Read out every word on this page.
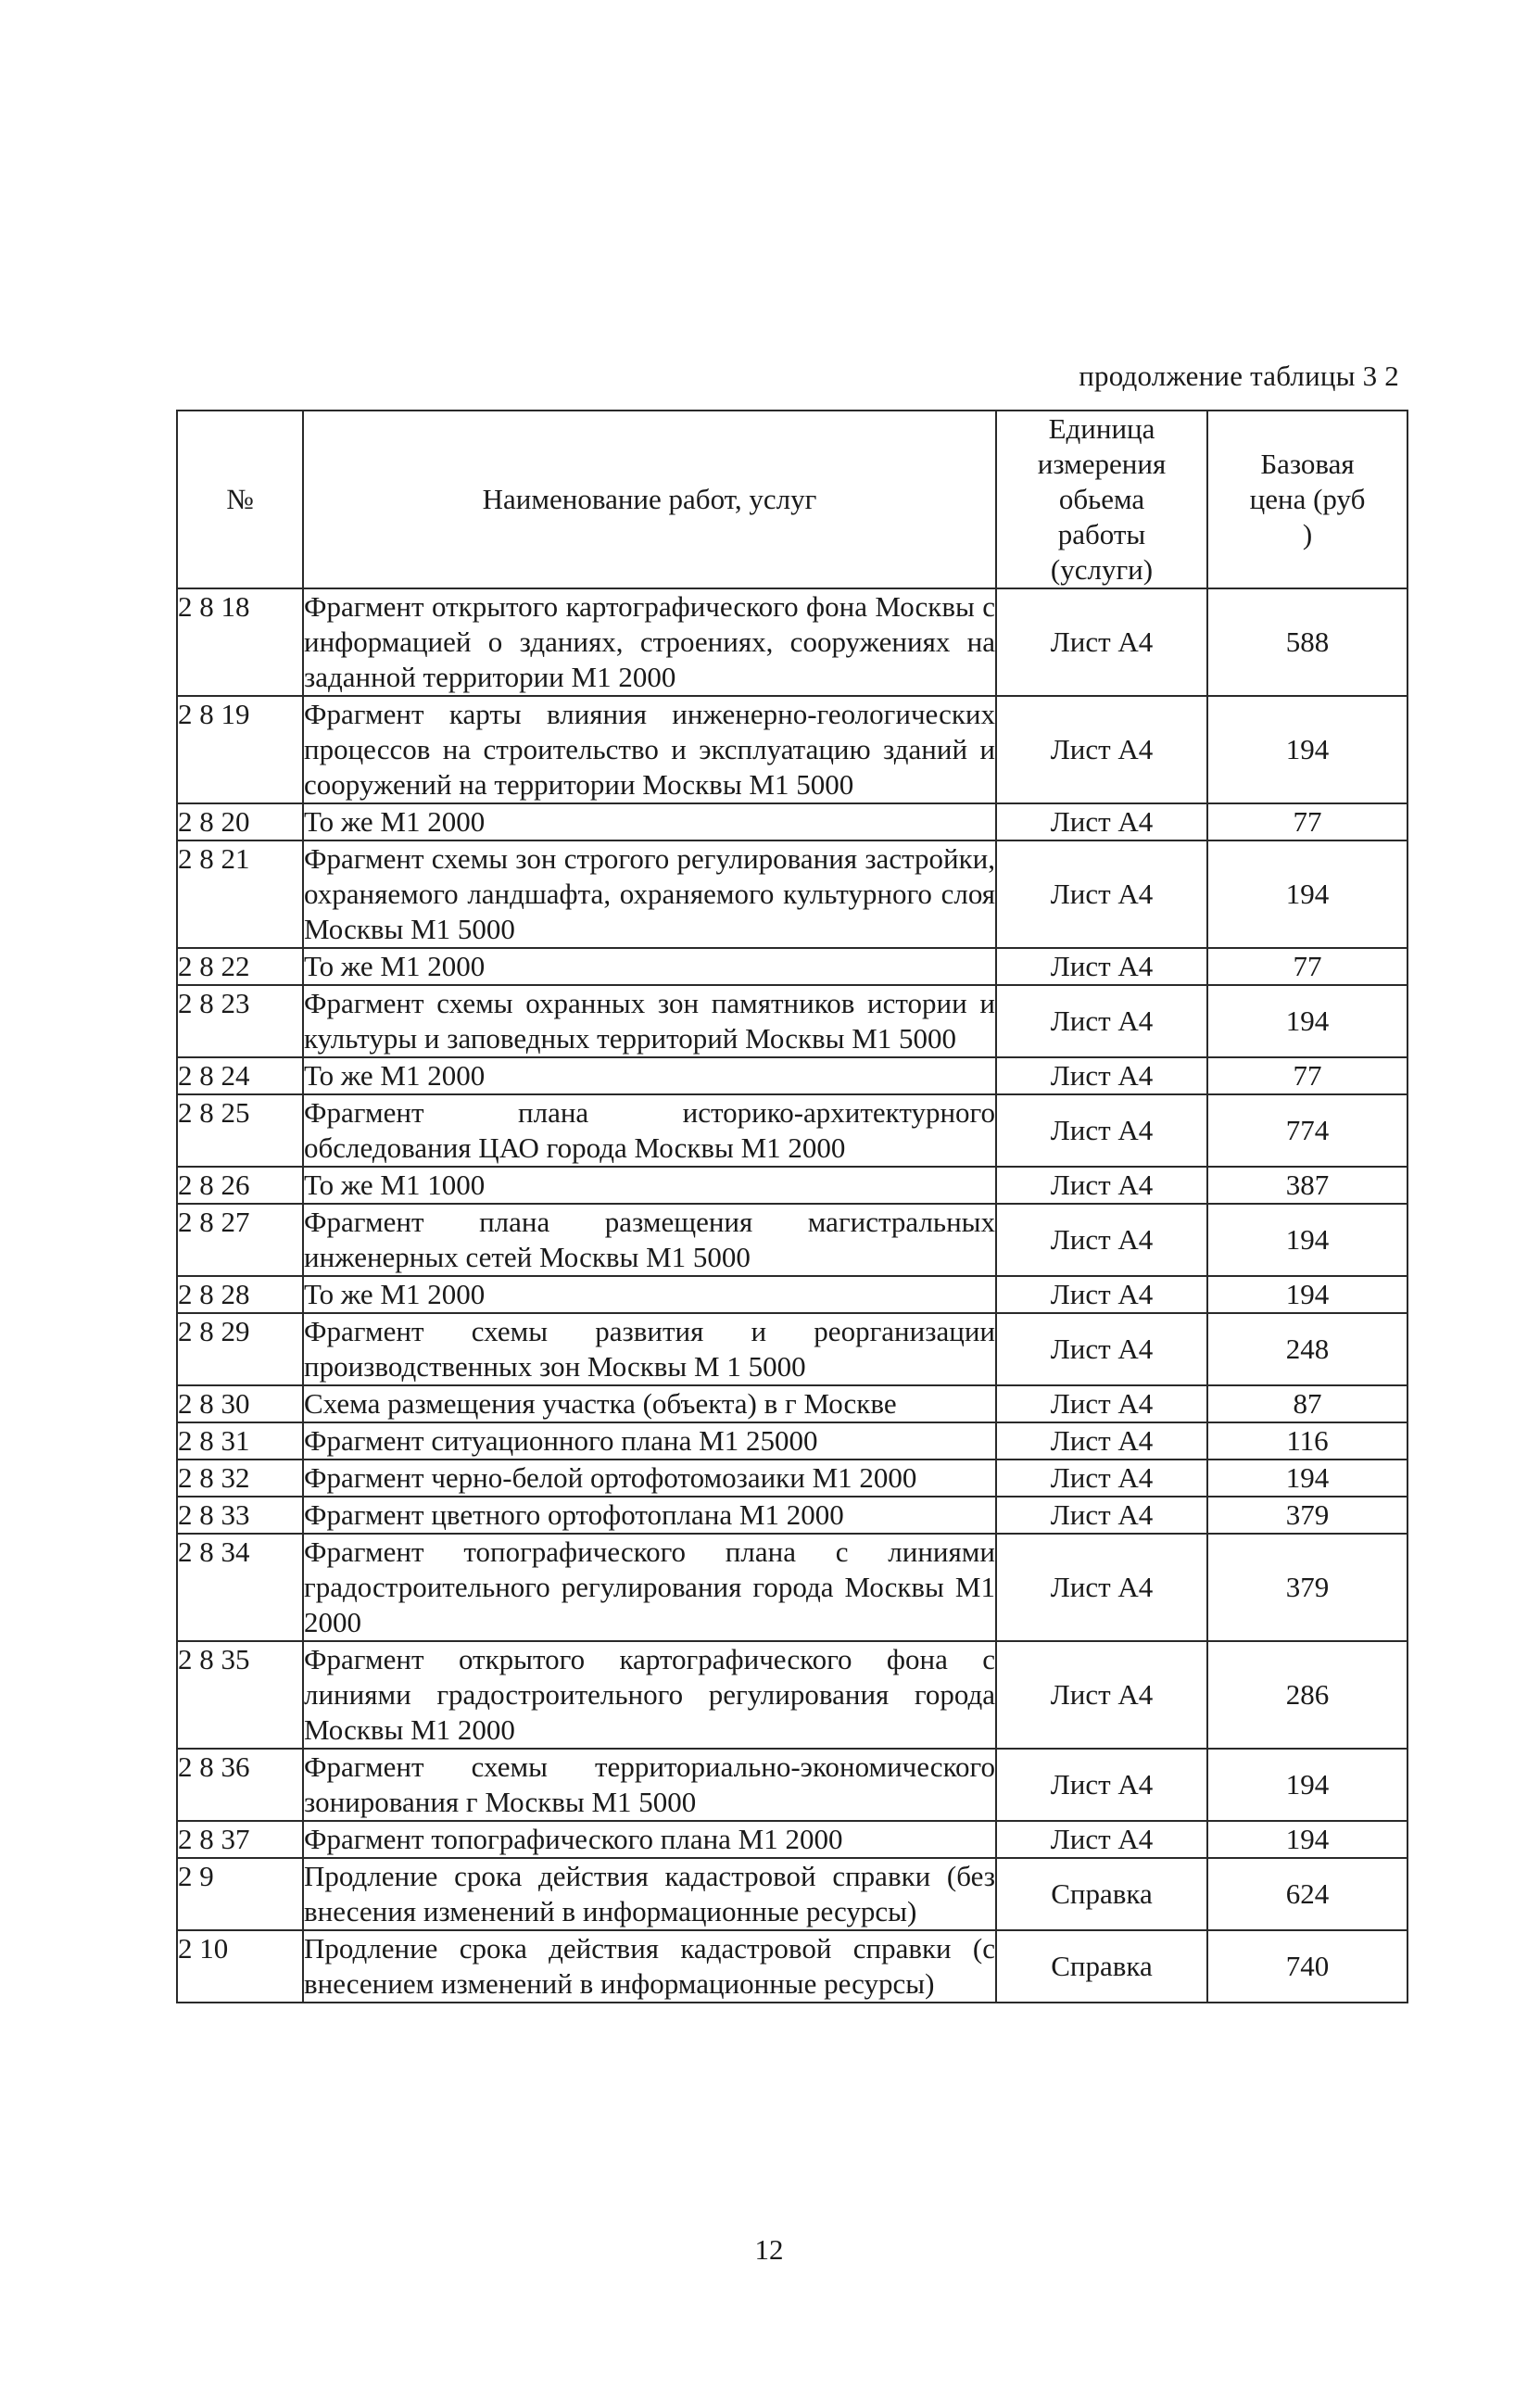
продолжение таблицы 3 2
№	Наименование работ, услуг	Единица измерения обьема работы (услуги)	Базовая цена (руб )
2 8 18	Фрагмент открытого картографического фона Москвы с информацией о зданиях, строениях, сооружениях на заданной территории М1 2000	Лист А4	588
2 8 19	Фрагмент карты влияния инженерно-геологических процессов на строительство и эксплуатацию зданий и сооружений на территории Москвы М1 5000	Лист А4	194
2 8 20	То же М1 2000	Лист А4	77
2 8 21	Фрагмент схемы зон строгого регулирования застройки, охраняемого ландшафта, охраняемого культурного слоя Москвы М1 5000	Лист А4	194
2 8 22	То же М1 2000	Лист А4	77
2 8 23	Фрагмент схемы охранных зон памятников истории и культуры и заповедных территорий Москвы М1 5000	Лист А4	194
2 8 24	То же М1 2000	Лист А4	77
2 8 25	Фрагмент плана историко-архитектурного обследования ЦАО города Москвы М1 2000	Лист А4	774
2 8 26	То же М1 1000	Лист А4	387
2 8 27	Фрагмент плана размещения магистральных инженерных сетей Москвы М1 5000	Лист А4	194
2 8 28	То же М1 2000	Лист А4	194
2 8 29	Фрагмент схемы развития и реорганизации производственных зон Москвы М 1 5000	Лист А4	248
2 8 30	Схема размещения участка (объекта) в г Москве	Лист А4	87
2 8 31	Фрагмент ситуационного плана М1 25000	Лист А4	116
2 8 32	Фрагмент черно-белой ортофотомозаики М1 2000	Лист А4	194
2 8 33	Фрагмент цветного ортофотоплана М1 2000	Лист А4	379
2 8 34	Фрагмент топографического плана с линиями градостроительного регулирования города Москвы М1 2000	Лист А4	379
2 8 35	Фрагмент открытого картографического фона с линиями градостроительного регулирования города Москвы М1 2000	Лист А4	286
2 8 36	Фрагмент схемы территориально-экономического зонирования г Москвы М1 5000	Лист А4	194
2 8 37	Фрагмент топографического плана М1 2000	Лист А4	194
2 9	Продление срока действия кадастровой справки (без внесения изменений в информационные ресурсы)	Справка	624
2 10	Продление срока действия кадастровой справки (с внесением изменений в информационные ресурсы)	Справка	740
12
